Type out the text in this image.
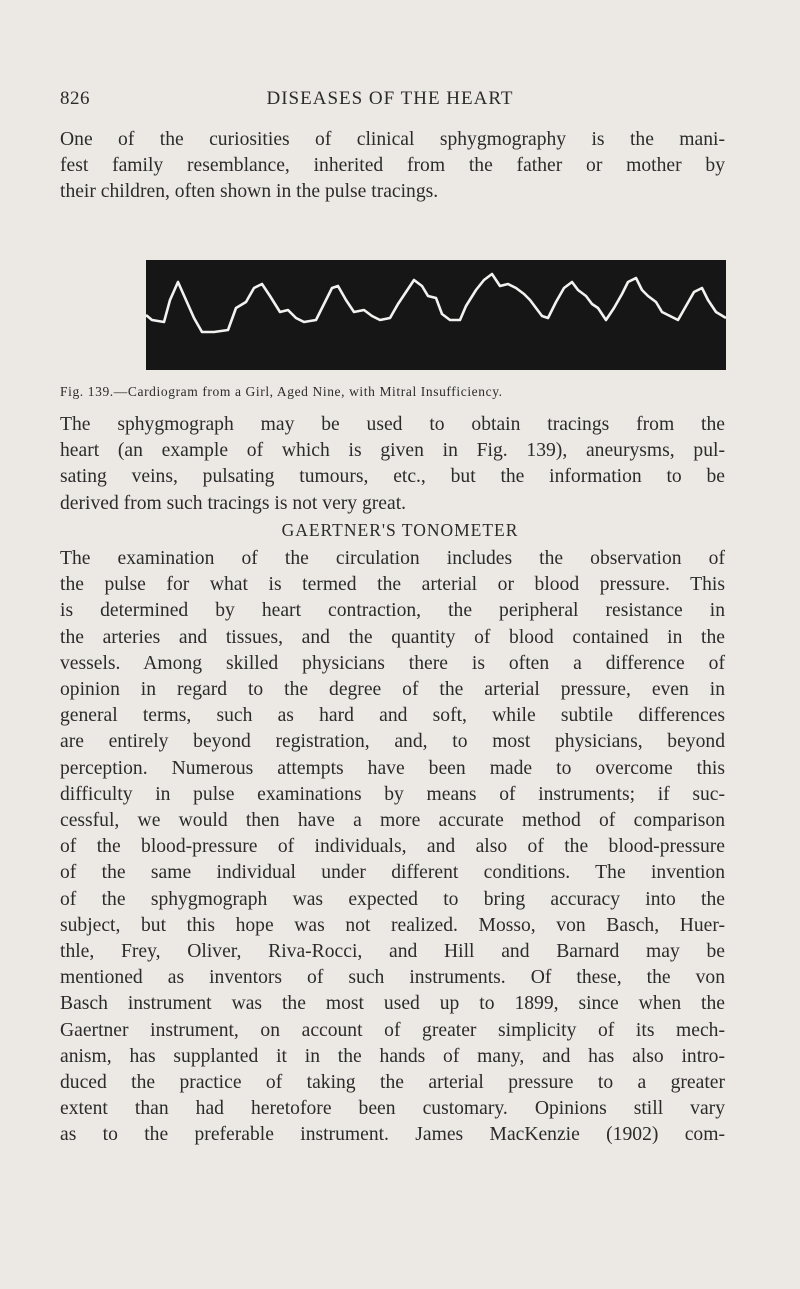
826	DISEASES OF THE HEART

One of the curiosities of clinical sphygmography is the mani-
fest family resemblance, inherited from the father or mother by
their children, often shown in the pulse tracings.

Fig. 139.—Cardiogram from a Girl, Aged Nine, with Mitral Insufficiency.

The sphygmograph may be used to obtain tracings from the
heart (an example of which is given in Fig. 139), aneurysms, pul-
sating veins, pulsating tumours, etc., but the information to be
derived from such tracings is not very great.

GAERTNER'S TONOMETER

The examination of the circulation includes the observation of
the pulse for what is termed the arterial or blood pressure. This
is determined by heart contraction, the peripheral resistance in
the arteries and tissues, and the quantity of blood contained in the
vessels. Among skilled physicians there is often a difference of
opinion in regard to the degree of the arterial pressure, even in
general terms, such as hard and soft, while subtile differences
are entirely beyond registration, and, to most physicians, beyond
perception. Numerous attempts have been made to overcome this
difficulty in pulse examinations by means of instruments; if suc-
cessful, we would then have a more accurate method of comparison
of the blood-pressure of individuals, and also of the blood-pressure
of the same individual under different conditions. The invention
of the sphygmograph was expected to bring accuracy into the
subject, but this hope was not realized. Mosso, von Basch, Huer-
thle, Frey, Oliver, Riva-Rocci, and Hill and Barnard may be
mentioned as inventors of such instruments. Of these, the von
Basch instrument was the most used up to 1899, since when the
Gaertner instrument, on account of greater simplicity of its mech-
anism, has supplanted it in the hands of many, and has also intro-
duced the practice of taking the arterial pressure to a greater
extent than had heretofore been customary. Opinions still vary
as to the preferable instrument. James MacKenzie (1902) com-
